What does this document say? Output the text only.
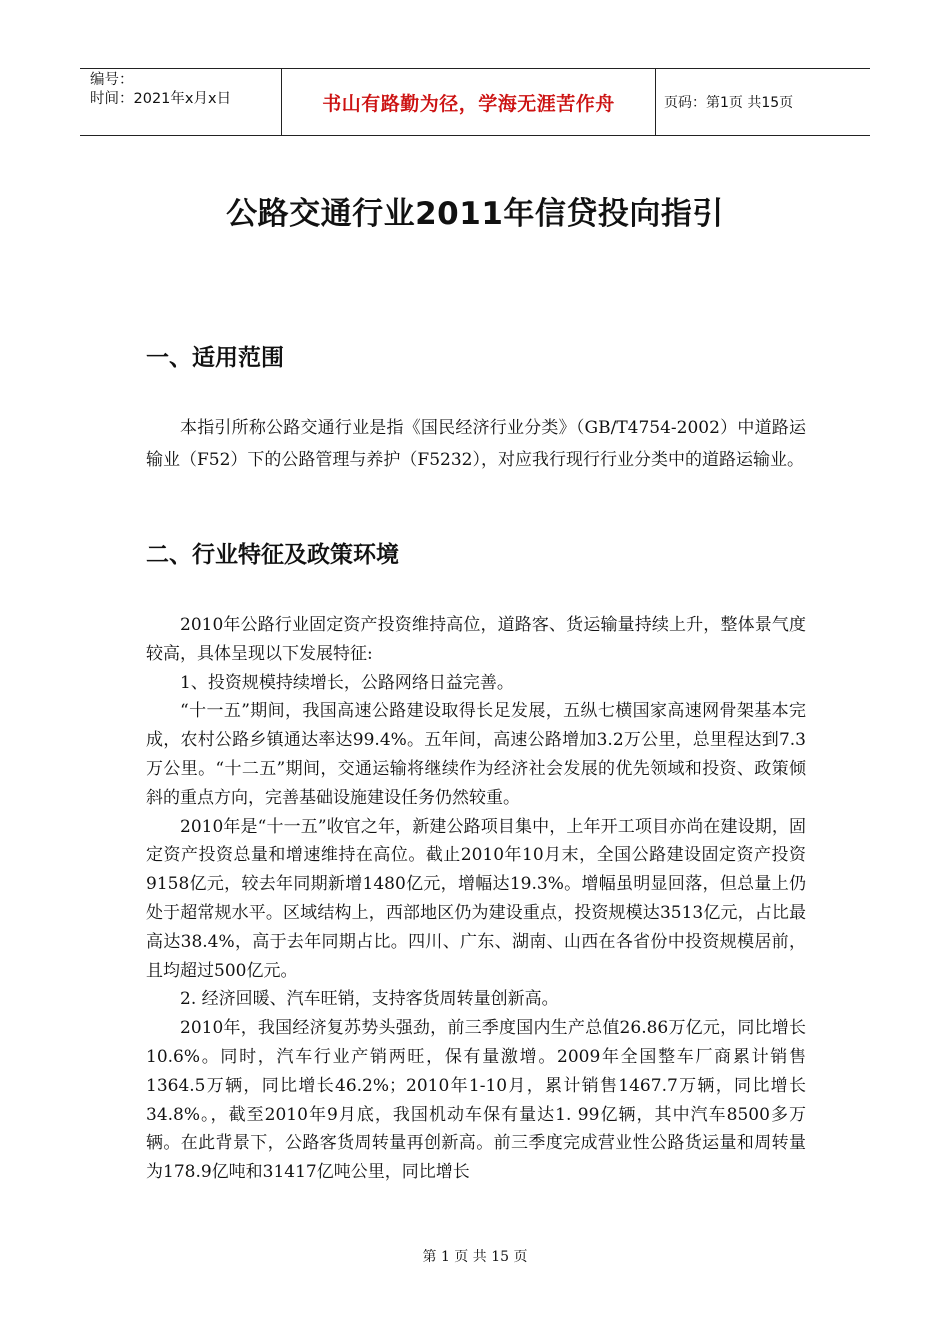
编号：
时间：2021年x月x日	书山有路勤为径，学海无涯苦作舟	页码：第1页 共15页
公路交通行业2011年信贷投向指引
一、适用范围

本指引所称公路交通行业是指《国民经济行业分类》（GB/T4754-2002）中道路运输业（F52）下的公路管理与养护（F5232），对应我行现行行业分类中的道路运输业。

二、行业特征及政策环境

2010年公路行业固定资产投资维持高位，道路客、货运输量持续上升，整体景气度较高，具体呈现以下发展特征:

1、投资规模持续增长，公路网络日益完善。

“十一五”期间，我国高速公路建设取得长足发展，五纵七横国家高速网骨架基本完成，农村公路乡镇通达率达99.4%。五年间，高速公路增加3.2万公里，总里程达到7.3万公里。“十二五”期间，交通运输将继续作为经济社会发展的优先领域和投资、政策倾斜的重点方向，完善基础设施建设任务仍然较重。

2010年是“十一五”收官之年，新建公路项目集中，上年开工项目亦尚在建设期，固定资产投资总量和增速维持在高位。截止2010年10月末，全国公路建设固定资产投资9158亿元，较去年同期新增1480亿元，增幅达19.3%。增幅虽明显回落，但总量上仍处于超常规水平。区域结构上，西部地区仍为建设重点，投资规模达3513亿元，占比最高达38.4%，高于去年同期占比。四川、广东、湖南、山西在各省份中投资规模居前，且均超过500亿元。

2. 经济回暖、汽车旺销，支持客货周转量创新高。

2010年，我国经济复苏势头强劲，前三季度国内生产总值26.86万亿元，同比增长10.6%。同时，汽车行业产销两旺，保有量激增。2009年全国整车厂商累计销售1364.5万辆，同比增长46.2%；2010年1-10月，累计销售1467.7万辆，同比增长34.8%。，截至2010年9月底，我国机动车保有量达1. 99亿辆，其中汽车8500多万辆。在此背景下，公路客货周转量再创新高。前三季度完成营业性公路货运量和周转量为178.9亿吨和31417亿吨公里，同比增长

第 1 页 共 15 页
